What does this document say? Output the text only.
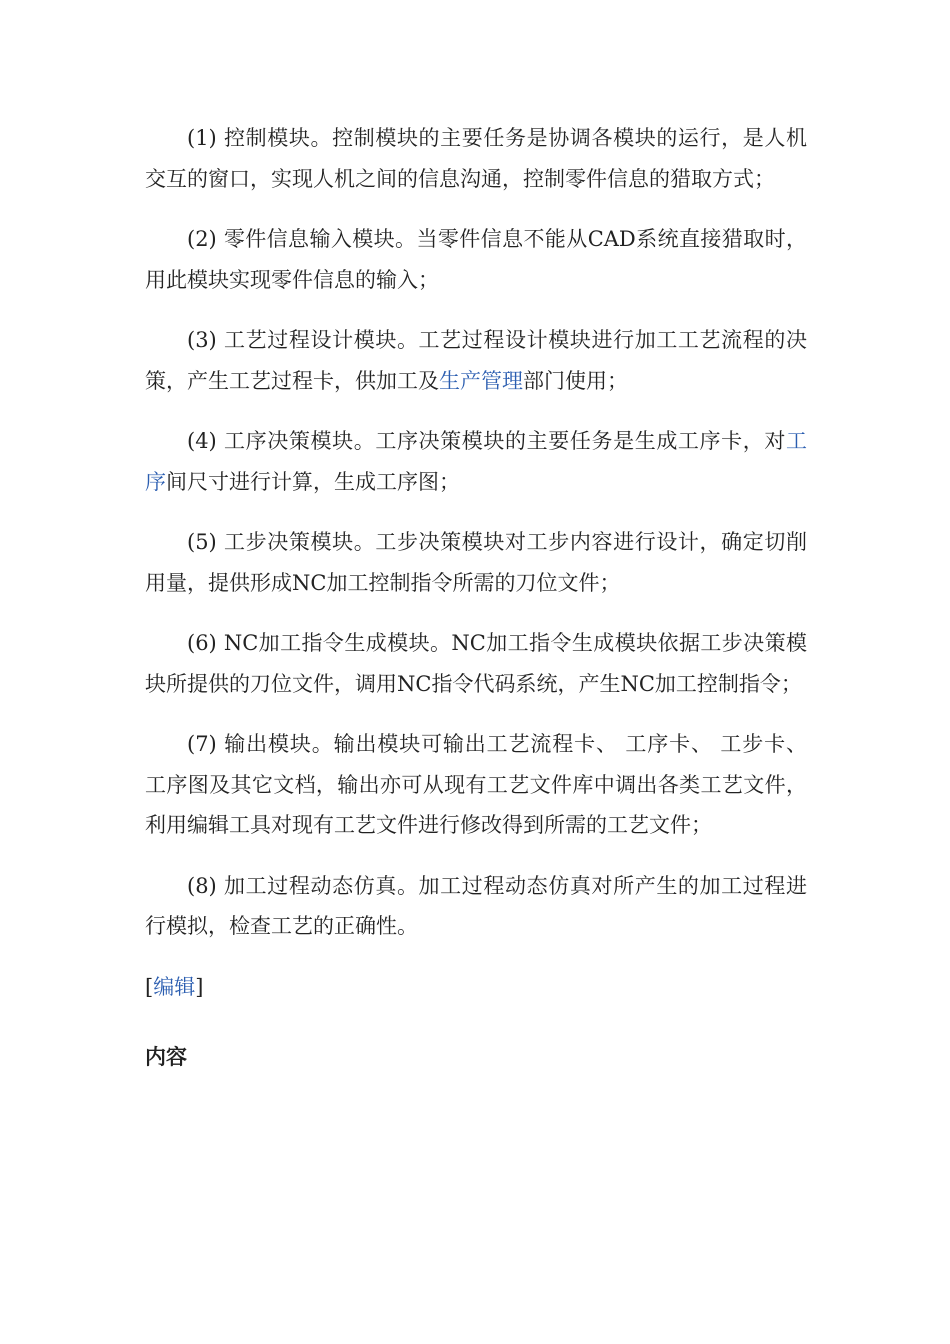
(1) 控制模块。控制模块的主要任务是协调各模块的运行，是人机交互的窗口，实现人机之间的信息沟通，控制零件信息的猎取方式；

(2) 零件信息输入模块。当零件信息不能从CAD系统直接猎取时，用此模块实现零件信息的输入；

(3) 工艺过程设计模块。工艺过程设计模块进行加工工艺流程的决策，产生工艺过程卡，供加工及生产管理部门使用；

(4) 工序决策模块。工序决策模块的主要任务是生成工序卡，对工序间尺寸进行计算，生成工序图；

(5) 工步决策模块。工步决策模块对工步内容进行设计，确定切削用量，提供形成NC加工控制指令所需的刀位文件；

(6) NC加工指令生成模块。NC加工指令生成模块依据工步决策模块所提供的刀位文件，调用NC指令代码系统，产生NC加工控制指令；

(7) 输出模块。输出模块可输出工艺流程卡、 工序卡、 工步卡、 工序图及其它文档，输出亦可从现有工艺文件库中调出各类工艺文件，利用编辑工具对现有工艺文件进行修改得到所需的工艺文件；

(8) 加工过程动态仿真。加工过程动态仿真对所产生的加工过程进行模拟，检查工艺的正确性。

[编辑]
内容
